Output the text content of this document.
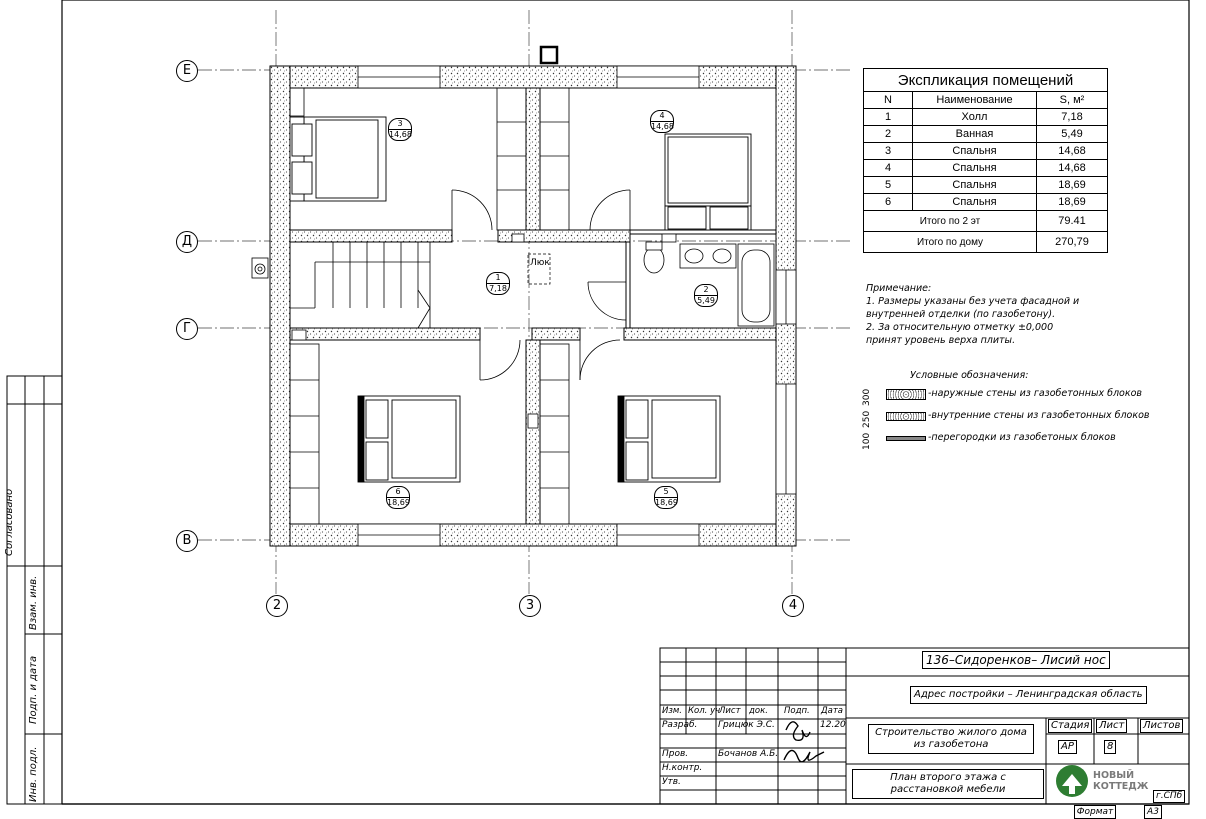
Е
Д
Г
В
2	3	4
Люк
3
14,68
4
14,68
1
7,18	2
5,49
6
18,69
5
18,69
Экспликация помещений		
N	Наименование	S, м²
1	Холл	7,18
2	Ванная	5,49
3	Спальня	14,68
4	Спальня	14,68
5	Спальня	18,69
6	Спальня	18,69
Итого по 2 эт		79.41
Итого по дому		270,79
Примечание:
1. Размеры указаны без учета фасадной и
внутренней отделки (по газобетону).
2. За относительную отметку ±0,000
принят уровень верха плиты.
Условные обозначения:
300	-наружные стены из газобетонных блоков
250	-внутренние стены из газобетонных блоков
100	-перегородки из газобетоных блоков
Согласовано
Взам. инв.
Подп. и дата
Инв. подл.
136–Сидоренков– Лисий нос
Адрес постройки – Ленинградская область
Изм. Кол. уч
Лист док. Подп. Дата
Разраб. Грицюк Э.С.	12.20
Пров.	Бочанов А.Б.
Н.контр.
Утв.
Строительство жилого дома из газобетона
План второго этажа с расстановкой мебели
Стадия Лист	Листов
АР	8
НОВЫЙ
КОТТЕДЖ
г.СПб
Формат	А3
